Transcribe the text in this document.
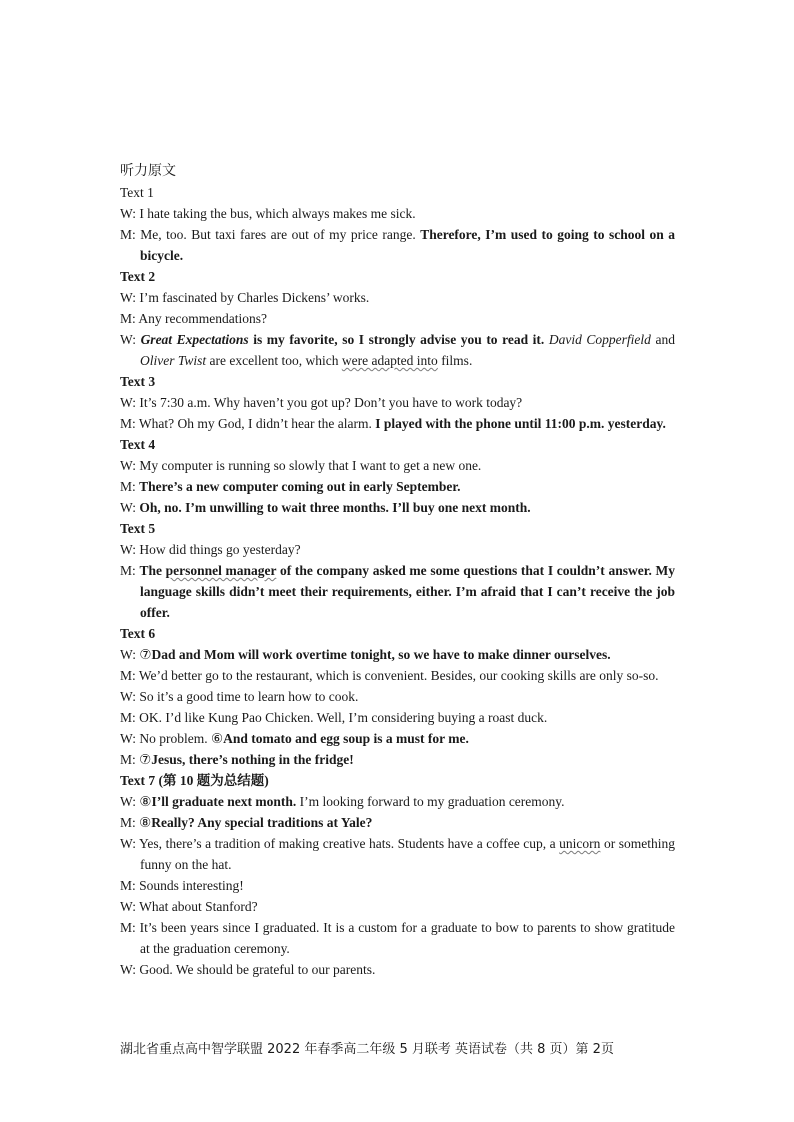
听力原文
Text 1
W: I hate taking the bus, which always makes me sick.
M: Me, too. But taxi fares are out of my price range. Therefore, I’m used to going to school on a bicycle.
Text 2
W: I’m fascinated by Charles Dickens’ works.
M: Any recommendations?
W: Great Expectations is my favorite, so I strongly advise you to read it. David Copperfield and Oliver Twist are excellent too, which were adapted into films.
Text 3
W: It’s 7:30 a.m. Why haven’t you got up? Don’t you have to work today?
M: What? Oh my God, I didn’t hear the alarm. I played with the phone until 11:00 p.m. yesterday.
Text 4
W: My computer is running so slowly that I want to get a new one.
M: There’s a new computer coming out in early September.
W: Oh, no. I’m unwilling to wait three months. I’ll buy one next month.
Text 5
W: How did things go yesterday?
M: The personnel manager of the company asked me some questions that I couldn’t answer. My language skills didn’t meet their requirements, either. I’m afraid that I can’t receive the job offer.
Text 6
W: ⑦Dad and Mom will work overtime tonight, so we have to make dinner ourselves.
M: We’d better go to the restaurant, which is convenient. Besides, our cooking skills are only so-so.
W: So it’s a good time to learn how to cook.
M: OK. I’d like Kung Pao Chicken. Well, I’m considering buying a roast duck.
W: No problem. ⑥And tomato and egg soup is a must for me.
M: ⑦Jesus, there’s nothing in the fridge!
Text 7 (第 10 题为总结题)
W: ⑧I’ll graduate next month. I’m looking forward to my graduation ceremony.
M: ⑧Really? Any special traditions at Yale?
W: Yes, there’s a tradition of making creative hats. Students have a coffee cup, a unicorn or something funny on the hat.
M: Sounds interesting!
W: What about Stanford?
M: It’s been years since I graduated. It is a custom for a graduate to bow to parents to show gratitude at the graduation ceremony.
W: Good. We should be grateful to our parents.
湖北省重点高中智学联盟 2022 年春季高二年级 5 月联考 英语试卷（共 8 页）第 2页
